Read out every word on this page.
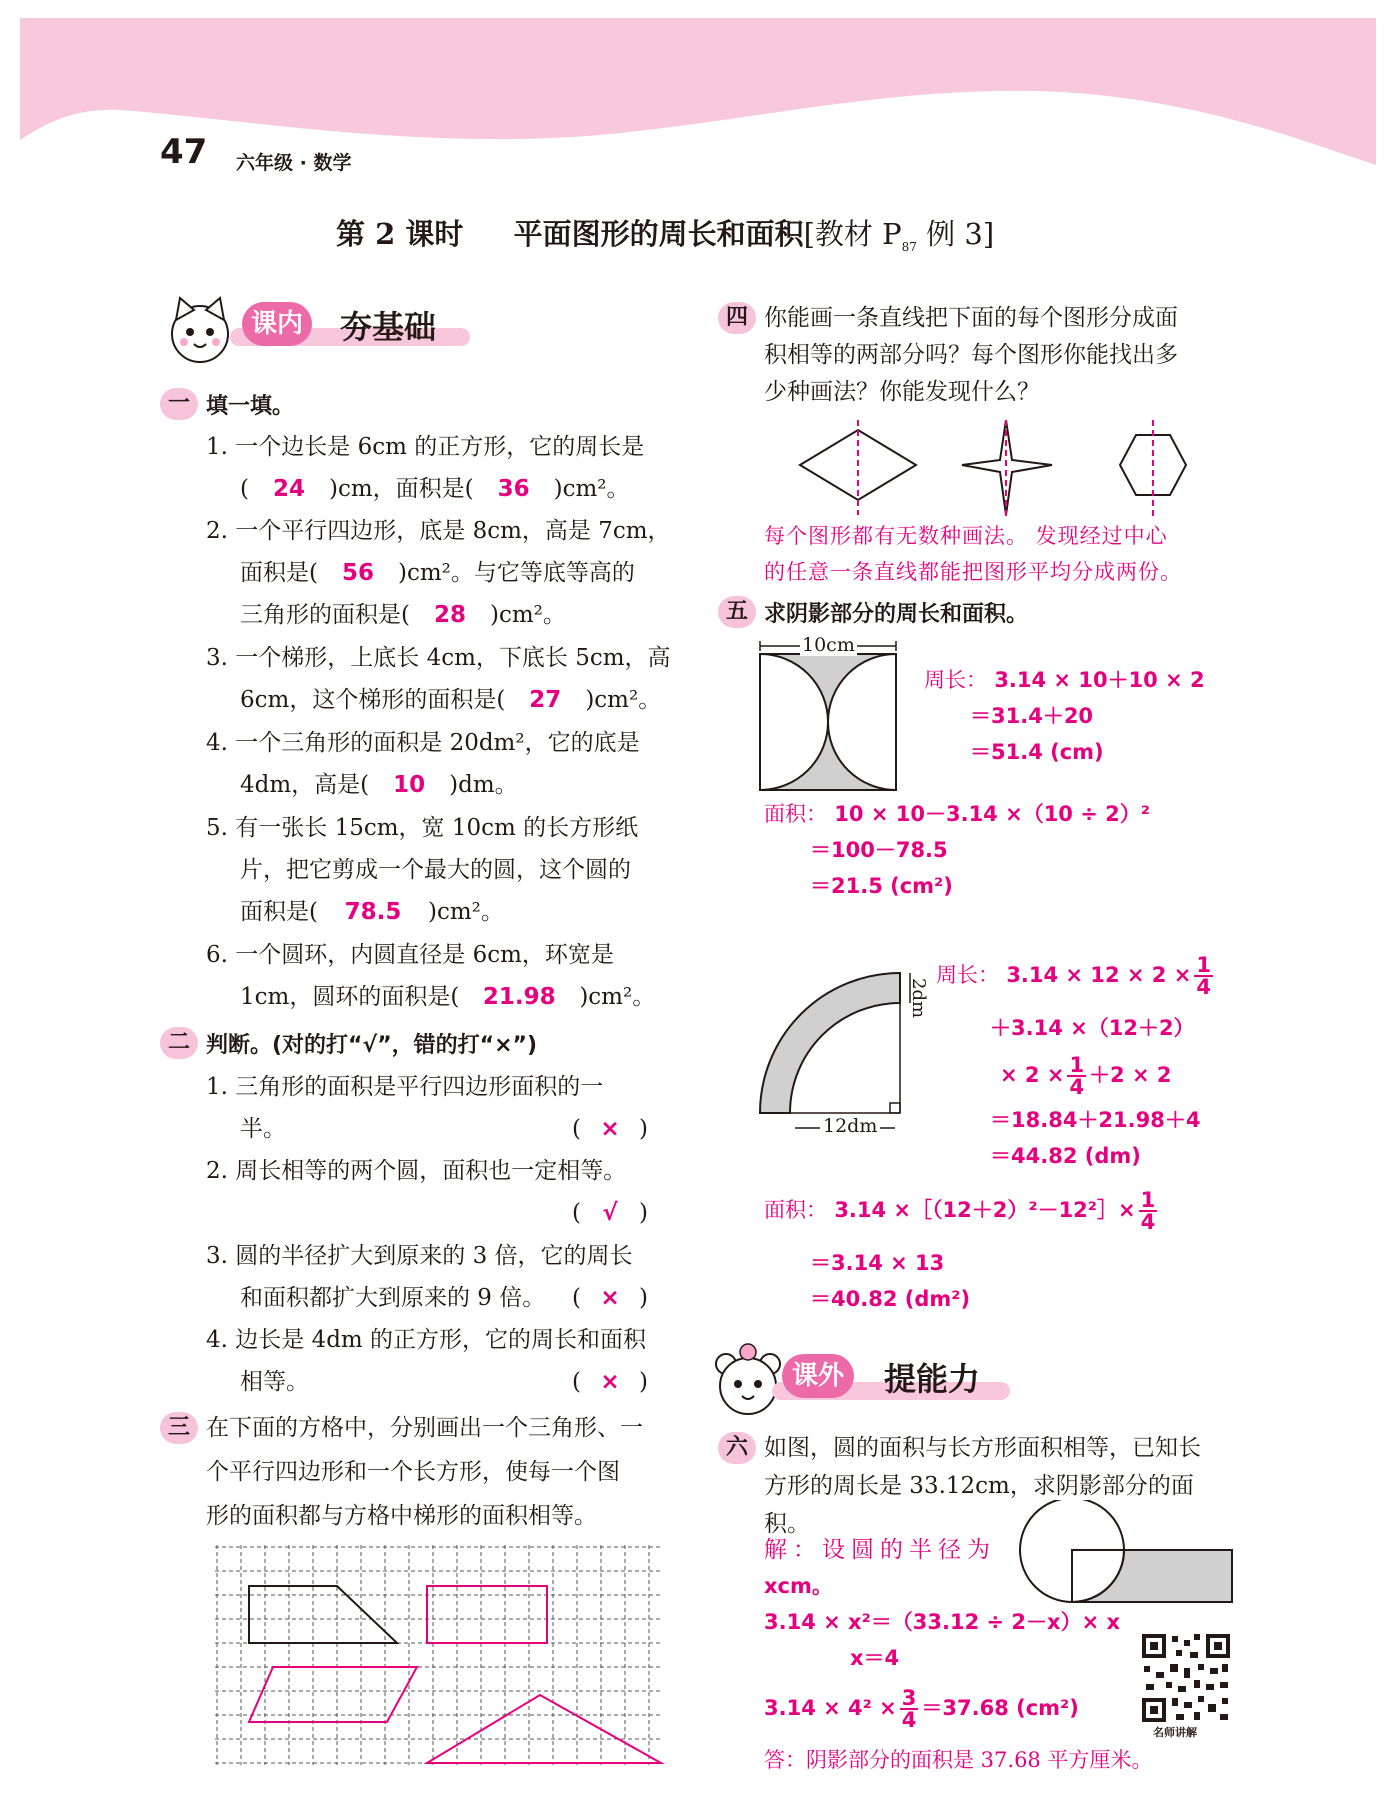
47 六年级 · 数学
第 2 课时 平面图形的周长和面积[教材 $P_{87}$ 例 3]
课内 夯基础
一 填一填。
1. 一个边长是 6cm 的正方形，它的周长是
( 24 )cm，面积是( 36 )cm²。
2. 一个平行四边形，底是 8cm，高是 7cm，
面积是( 56 )cm²。与它等底等高的
三角形的面积是( 28 )cm²。
3. 一个梯形，上底长 4cm，下底长 5cm，高
6cm，这个梯形的面积是( 27 )cm²。
4. 一个三角形的面积是 20dm²，它的底是
4dm，高是( 10 )dm。
5. 有一张长 15cm，宽 10cm 的长方形纸
片，把它剪成一个最大的圆，这个圆的
面积是( 78.5 )cm²。
6. 一个圆环，内圆直径是 6cm，环宽是
1cm，圆环的面积是( 21.98 )cm²。
二 判断。(对的打“√”，错的打“×”)
1. 三角形的面积是平行四边形面积的一
半。	( × )
2. 周长相等的两个圆，面积也一定相等。
( √ )
3. 圆的半径扩大到原来的 3 倍，它的周长
和面积都扩大到原来的 9 倍。 ( × )
4. 边长是 4dm 的正方形，它的周长和面积
相等。	( × )
三 在下面的方格中，分别画出一个三角形、一
个平行四边形和一个长方形，使每一个图
形的面积都与方格中梯形的面积相等。
四 你能画一条直线把下面的每个图形分成面
积相等的两部分吗？每个图形你能找出多
少种画法？你能发现什么？
每个图形都有无数种画法。 发现经过中心
的任意一条直线都能把图形平均分成两份。
五 求阴影部分的周长和面积。
10cm
周长： 3.14 × 10＋10 × 2
＝31.4＋20
＝51.4 (cm)
面积： 10 × 10－3.14 ×（10 ÷ 2）²
＝100－78.5
＝21.5 (cm²)
2dm
12dm
周长： $3.14 \times 12 \times 2 \times \frac{1}{4}$
＋3.14 ×（12＋2）
× $2 \times \frac{1}{4} +2 \times 2$
＝18.84＋21.98＋4
＝44.82 (dm)
面积： 3.14 ×［（12＋2）²－12²］× $\frac{1}{4}$
＝3.14 × 13
＝40.82 (dm²)
课外	提能力
六 如图，圆的面积与长方形面积相等，已知长
方形的周长是 33.12cm，求阴影部分的面
积。
解：设圆的半径为
xcm。
3.14 × x²＝（33.12 ÷ 2－x）× x
x＝4
$3.14 \times 4^2 \times \frac{3}{4} =37.68$ (cm²)
答：阴影部分的面积是 37.68 平方厘米。
名师讲解
